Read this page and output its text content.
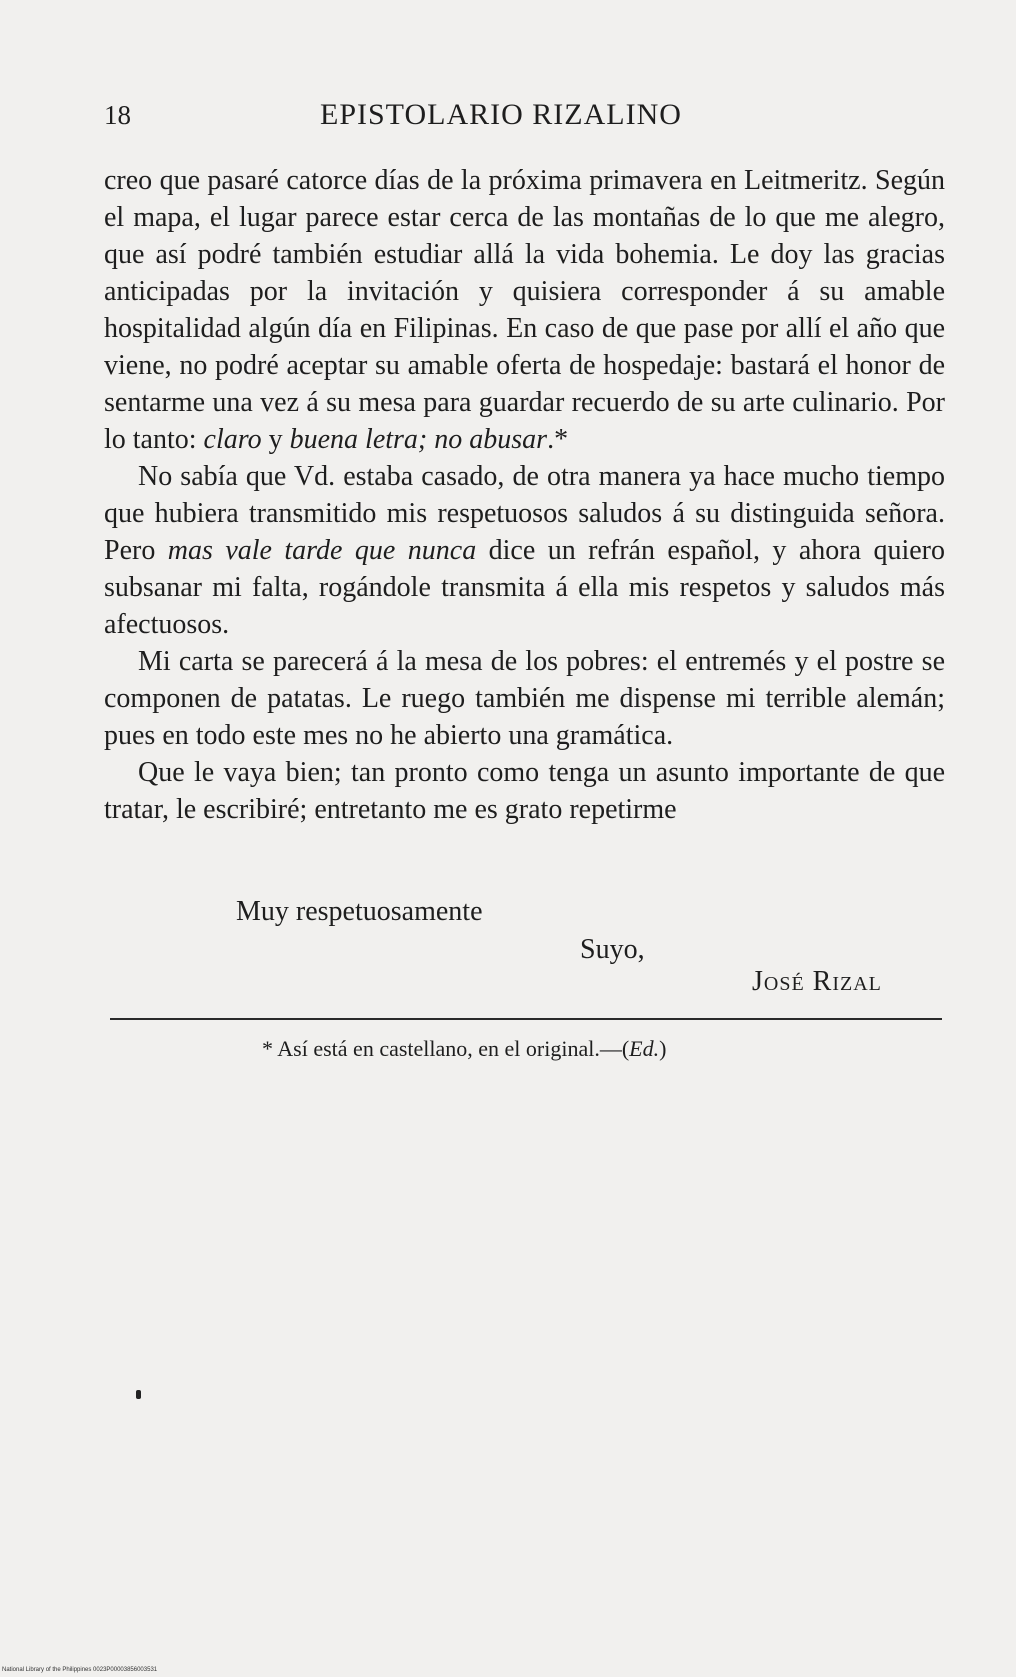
18	EPISTOLARIO RIZALINO

creo que pasaré catorce días de la próxima primavera en Leitmeritz. Según el mapa, el lugar parece estar cerca de las montañas de lo que me alegro, que así podré también estudiar allá la vida bohemia. Le doy las gracias anticipadas por la invitación y quisiera corresponder á su amable hospitalidad algún día en Filipinas. En caso de que pase por allí el año que viene, no podré aceptar su amable oferta de hospedaje: bastará el honor de sentarme una vez á su mesa para guardar recuerdo de su arte culinario. Por lo tanto: claro y buena letra; no abusar.*

No sabía que Vd. estaba casado, de otra manera ya hace mucho tiempo que hubiera transmitido mis respetuosos saludos á su distinguida señora. Pero mas vale tarde que nunca dice un refrán español, y ahora quiero subsanar mi falta, rogándole transmita á ella mis respetos y saludos más afectuosos.

Mi carta se parecerá á la mesa de los pobres: el entremés y el postre se componen de patatas. Le ruego también me dispense mi terrible alemán; pues en todo este mes no he abierto una gramática.

Que le vaya bien; tan pronto como tenga un asunto importante de que tratar, le escribiré; entretanto me es grato repetirme

Muy respetuosamente
Suyo,
José Rizal
* Así está en castellano, en el original.—(Ed.)
National Library of the Philippines 0023P00003856003531
